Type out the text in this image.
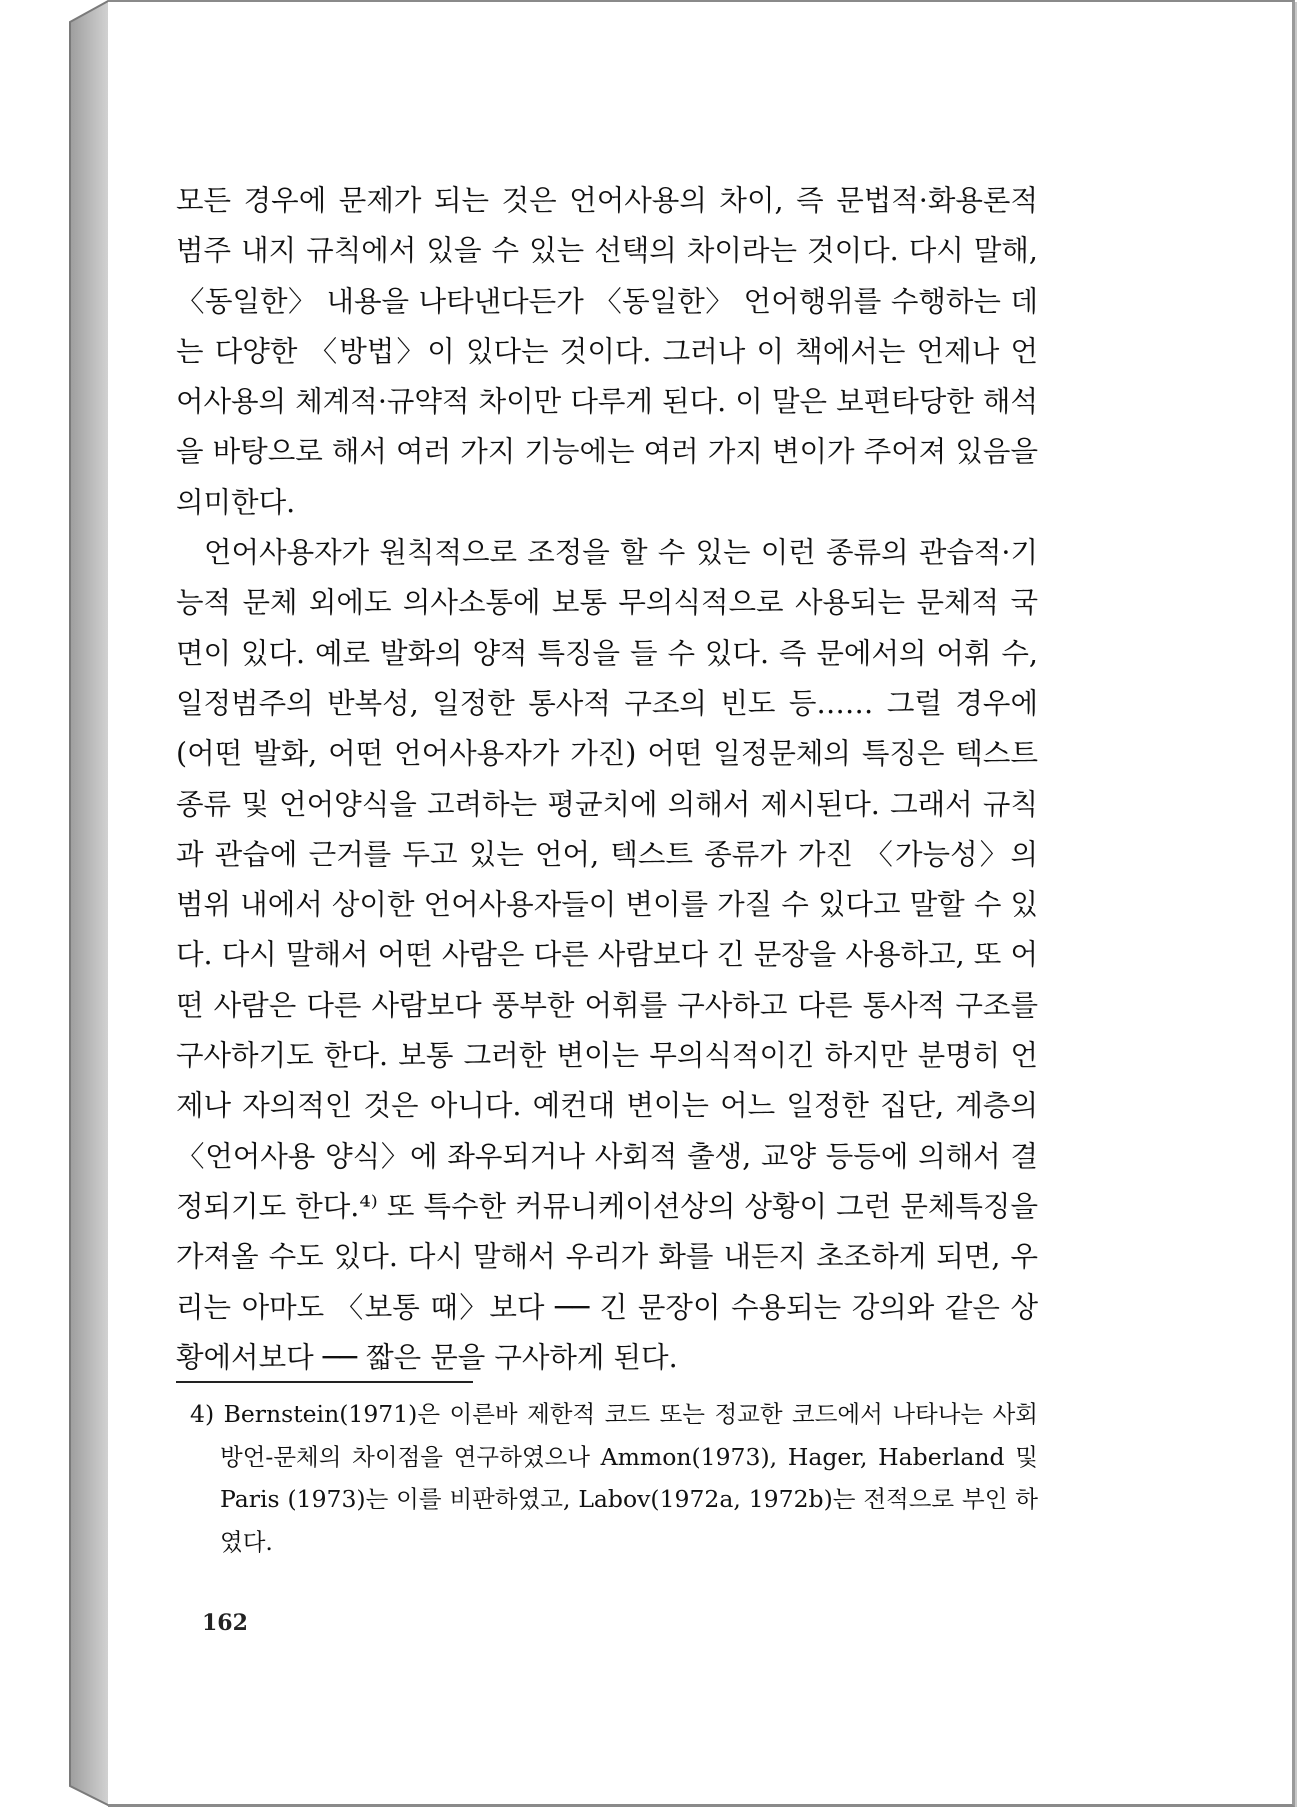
모든 경우에 문제가 되는 것은 언어사용의 차이, 즉 문법적·화용론적 범주 내지 규칙에서 있을 수 있는 선택의 차이라는 것이다. 다시 말해, 〈동일한〉 내용을 나타낸다든가 〈동일한〉 언어행위를 수행하는 데는 다양한 〈방법〉이 있다는 것이다. 그러나 이 책에서는 언제나 언어사용의 체계적·규약적 차이만 다루게 된다. 이 말은 보편타당한 해석을 바탕으로 해서 여러 가지 기능에는 여러 가지 변이가 주어져 있음을 의미한다.

언어사용자가 원칙적으로 조정을 할 수 있는 이런 종류의 관습적·기능적 문체 외에도 의사소통에 보통 무의식적으로 사용되는 문체적 국면이 있다. 예로 발화의 양적 특징을 들 수 있다. 즉 문에서의 어휘 수, 일정범주의 반복성, 일정한 통사적 구조의 빈도 등…… 그럴 경우에 (어떤 발화, 어떤 언어사용자가 가진) 어떤 일정문체의 특징은 텍스트 종류 및 언어양식을 고려하는 평균치에 의해서 제시된다. 그래서 규칙과 관습에 근거를 두고 있는 언어, 텍스트 종류가 가진 〈가능성〉의 범위 내에서 상이한 언어사용자들이 변이를 가질 수 있다고 말할 수 있다. 다시 말해서 어떤 사람은 다른 사람보다 긴 문장을 사용하고, 또 어떤 사람은 다른 사람보다 풍부한 어휘를 구사하고 다른 통사적 구조를 구사하기도 한다. 보통 그러한 변이는 무의식적이긴 하지만 분명히 언제나 자의적인 것은 아니다. 예컨대 변이는 어느 일정한 집단, 계층의 〈언어사용 양식〉에 좌우되거나 사회적 출생, 교양 등등에 의해서 결정되기도 한다.⁴⁾ 또 특수한 커뮤니케이션상의 상황이 그런 문체특징을 가져올 수도 있다. 다시 말해서 우리가 화를 내든지 초조하게 되면, 우리는 아마도 〈보통 때〉보다 ── 긴 문장이 수용되는 강의와 같은 상황에서보다 ── 짧은 문을 구사하게 된다.

4) Bernstein(1971)은 이른바 제한적 코드 또는 정교한 코드에서 나타나는 사회방언-문체의 차이점을 연구하였으나 Ammon(1973), Hager, Haberland 및 Paris (1973)는 이를 비판하였고, Labov(1972a, 1972b)는 전적으로 부인 하였다.
162
